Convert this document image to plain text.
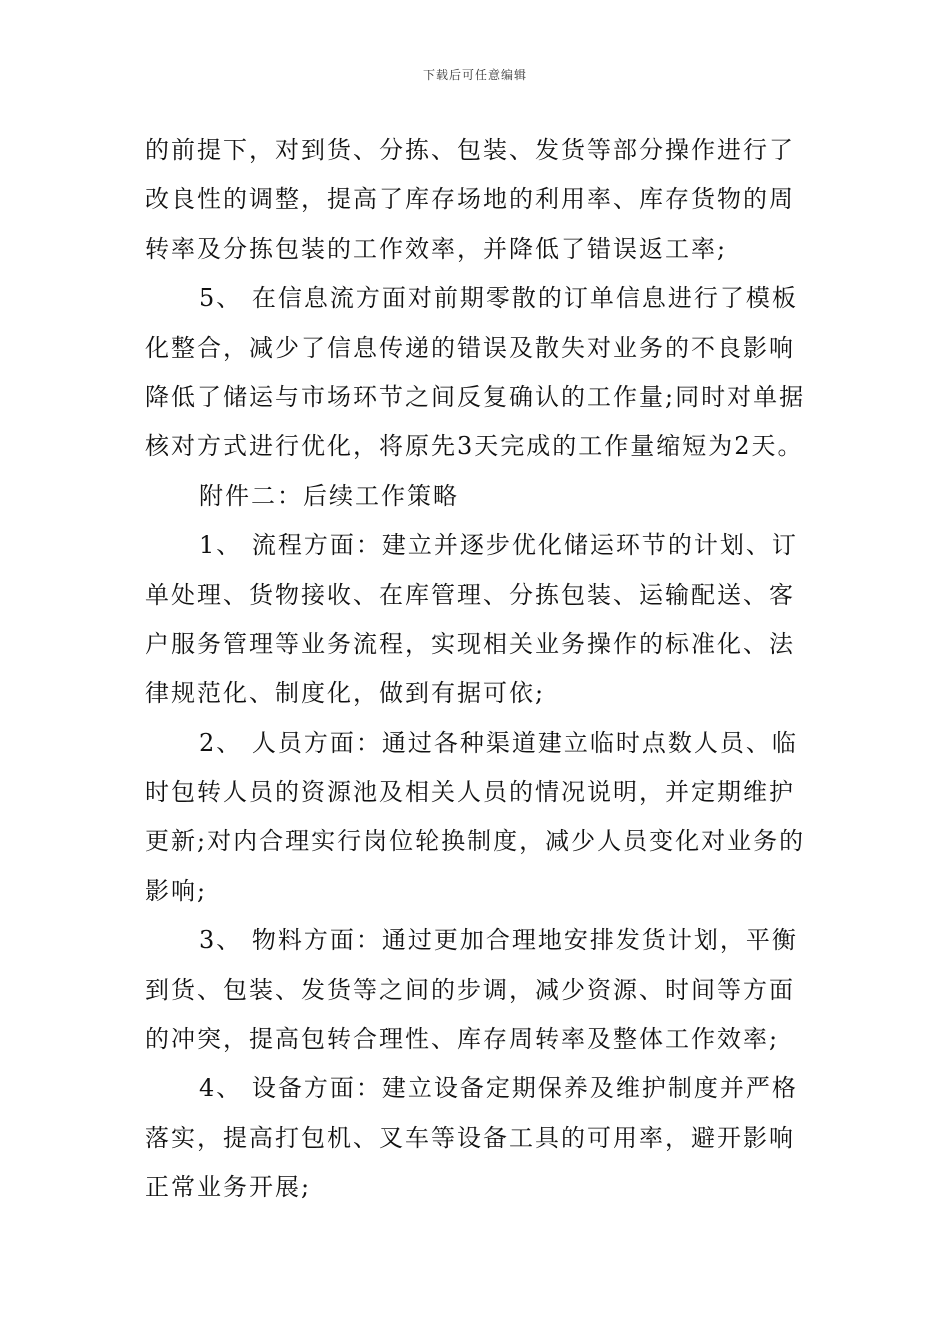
下载后可任意编辑
的前提下，对到货、分拣、包装、发货等部分操作进行了
改良性的调整，提高了库存场地的利用率、库存货物的周
转率及分拣包装的工作效率，并降低了错误返工率;
5、 在信息流方面对前期零散的订单信息进行了模板
化整合，减少了信息传递的错误及散失对业务的不良影响
降低了储运与市场环节之间反复确认的工作量;同时对单据
核对方式进行优化，将原先3天完成的工作量缩短为2天。
附件二：后续工作策略
1、 流程方面：建立并逐步优化储运环节的计划、订
单处理、货物接收、在库管理、分拣包装、运输配送、客
户服务管理等业务流程，实现相关业务操作的标准化、法
律规范化、制度化，做到有据可依;
2、 人员方面：通过各种渠道建立临时点数人员、临
时包转人员的资源池及相关人员的情况说明，并定期维护
更新;对内合理实行岗位轮换制度，减少人员变化对业务的
影响;
3、 物料方面：通过更加合理地安排发货计划，平衡
到货、包装、发货等之间的步调，减少资源、时间等方面
的冲突，提高包转合理性、库存周转率及整体工作效率;
4、 设备方面：建立设备定期保养及维护制度并严格
落实，提高打包机、叉车等设备工具的可用率，避开影响
正常业务开展;
